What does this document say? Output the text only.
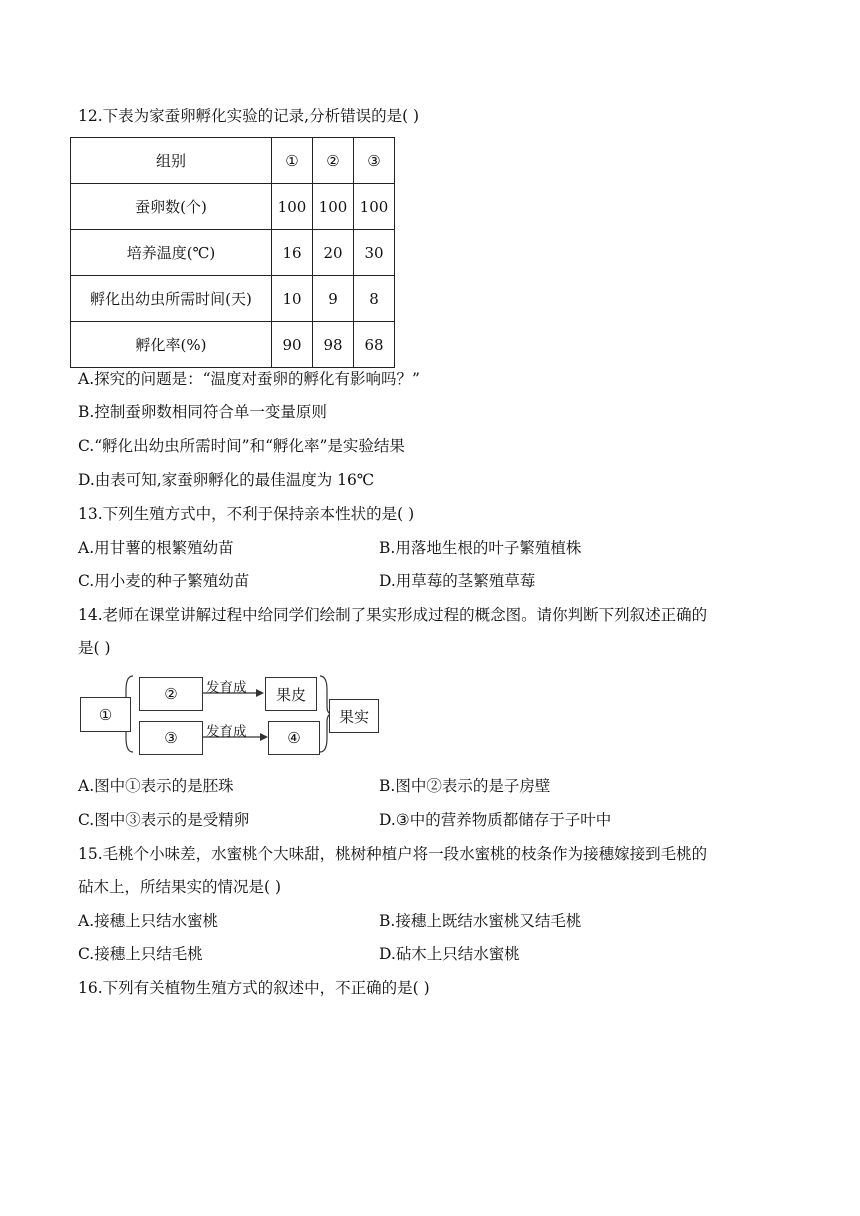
12.下表为家蚕卵孵化实验的记录,分析错误的是( )
组别	①	②	③
蚕卵数(个)	100	100	100
培养温度(℃)	16	20	30
孵化出幼虫所需时间(天)	10	9	8
孵化率(%)	90	98	68
A.探究的问题是：“温度对蚕卵的孵化有影响吗？”
B.控制蚕卵数相同符合单一变量原则
C.“孵化出幼虫所需时间”和“孵化率”是实验结果
D.由表可知,家蚕卵孵化的最佳温度为 16℃
13.下列生殖方式中，不利于保持亲本性状的是( )
A.用甘薯的根繁殖幼苗	B.用落地生根的叶子繁殖植株
C.用小麦的种子繁殖幼苗	D.用草莓的茎繁殖草莓
14.老师在课堂讲解过程中给同学们绘制了果实形成过程的概念图。请你判断下列叙述正确的
是( )
①
②
③
发育成
发育成
果皮
④
果实
A.图中①表示的是胚珠	B.图中②表示的是子房壁
C.图中③表示的是受精卵	D.③中的营养物质都储存于子叶中
15.毛桃个小味差，水蜜桃个大味甜，桃树种植户将一段水蜜桃的枝条作为接穗嫁接到毛桃的
砧木上，所结果实的情况是( )
A.接穗上只结水蜜桃	B.接穗上既结水蜜桃又结毛桃
C.接穗上只结毛桃	D.砧木上只结水蜜桃
16.下列有关植物生殖方式的叙述中，不正确的是( )
